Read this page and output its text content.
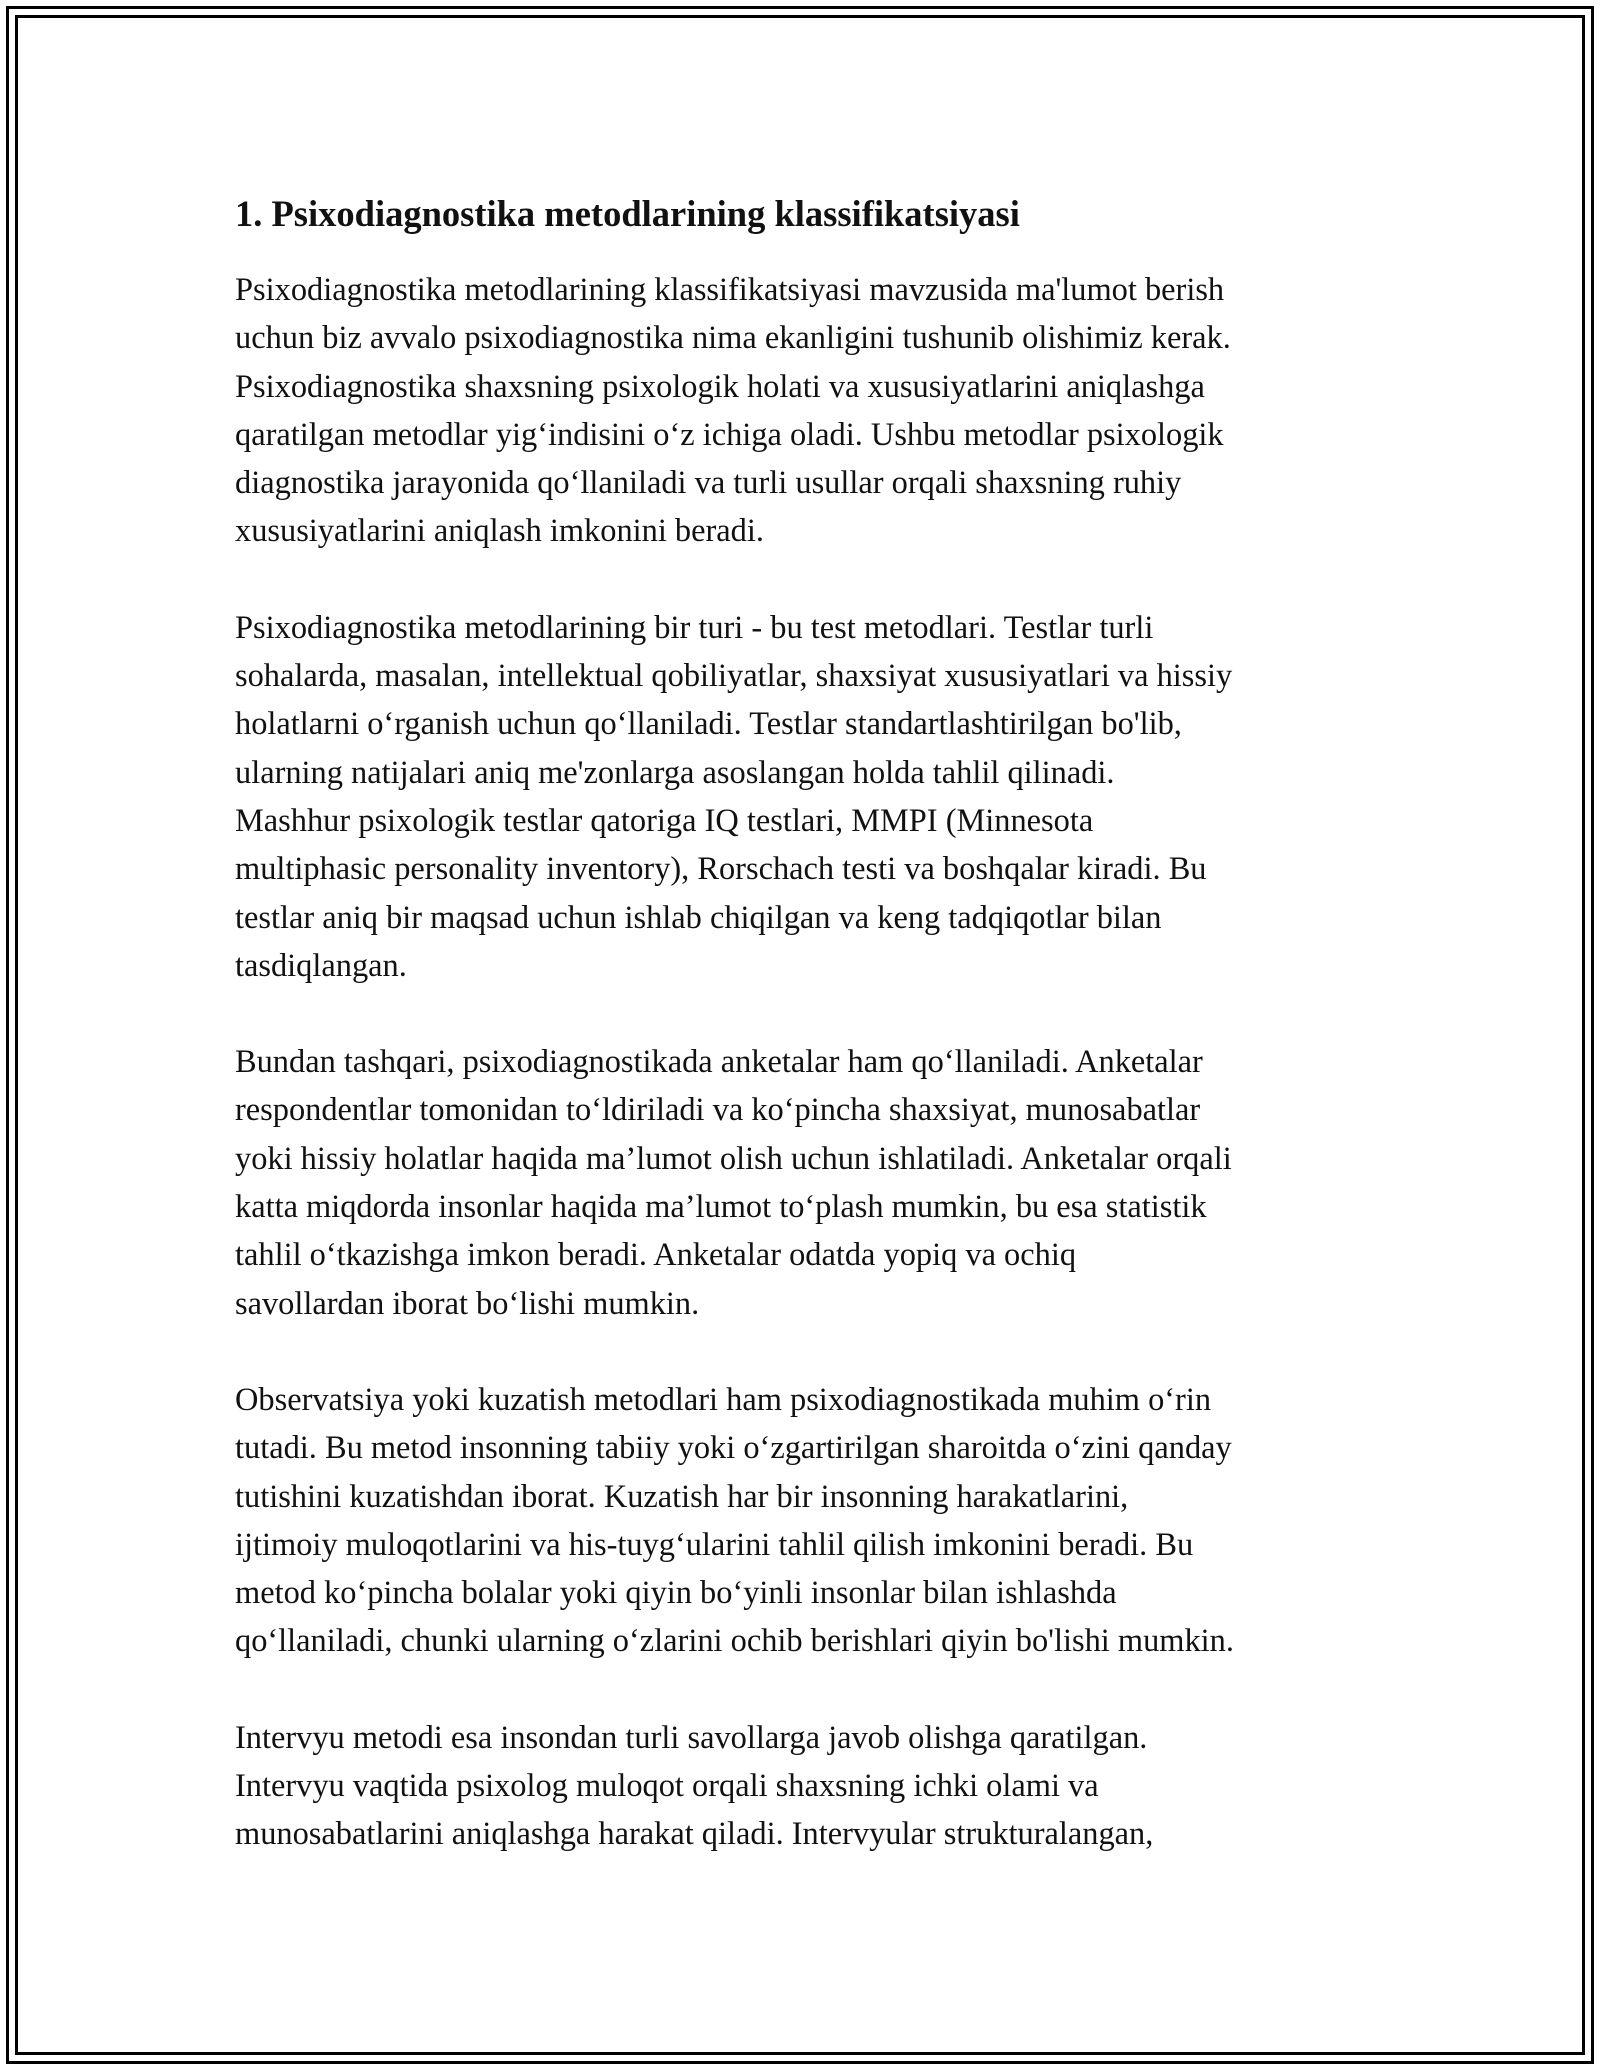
1. Psixodiagnostika metodlarining klassifikatsiyasi

Psixodiagnostika metodlarining klassifikatsiyasi mavzusida ma'lumot berish
uchun biz avvalo psixodiagnostika nima ekanligini tushunib olishimiz kerak.
Psixodiagnostika shaxsning psixologik holati va xususiyatlarini aniqlashga
qaratilgan metodlar yig‘indisini o‘z ichiga oladi. Ushbu metodlar psixologik
diagnostika jarayonida qo‘llaniladi va turli usullar orqali shaxsning ruhiy
xususiyatlarini aniqlash imkonini beradi.

Psixodiagnostika metodlarining bir turi - bu test metodlari. Testlar turli
sohalarda, masalan, intellektual qobiliyatlar, shaxsiyat xususiyatlari va hissiy
holatlarni o‘rganish uchun qo‘llaniladi. Testlar standartlashtirilgan bo'lib,
ularning natijalari aniq me'zonlarga asoslangan holda tahlil qilinadi.
Mashhur psixologik testlar qatoriga IQ testlari, MMPI (Minnesota
multiphasic personality inventory), Rorschach testi va boshqalar kiradi. Bu
testlar aniq bir maqsad uchun ishlab chiqilgan va keng tadqiqotlar bilan
tasdiqlangan.

Bundan tashqari, psixodiagnostikada anketalar ham qo‘llaniladi. Anketalar
respondentlar tomonidan to‘ldiriladi va ko‘pincha shaxsiyat, munosabatlar
yoki hissiy holatlar haqida ma’lumot olish uchun ishlatiladi. Anketalar orqali
katta miqdorda insonlar haqida ma’lumot to‘plash mumkin, bu esa statistik
tahlil o‘tkazishga imkon beradi. Anketalar odatda yopiq va ochiq
savollardan iborat bo‘lishi mumkin.

Observatsiya yoki kuzatish metodlari ham psixodiagnostikada muhim o‘rin
tutadi. Bu metod insonning tabiiy yoki o‘zgartirilgan sharoitda o‘zini qanday
tutishini kuzatishdan iborat. Kuzatish har bir insonning harakatlarini,
ijtimoiy muloqotlarini va his-tuyg‘ularini tahlil qilish imkonini beradi. Bu
metod ko‘pincha bolalar yoki qiyin bo‘yinli insonlar bilan ishlashda
qo‘llaniladi, chunki ularning o‘zlarini ochib berishlari qiyin bo'lishi mumkin.

Intervyu metodi esa insondan turli savollarga javob olishga qaratilgan.
Intervyu vaqtida psixolog muloqot orqali shaxsning ichki olami va
munosabatlarini aniqlashga harakat qiladi. Intervyular strukturalangan,
